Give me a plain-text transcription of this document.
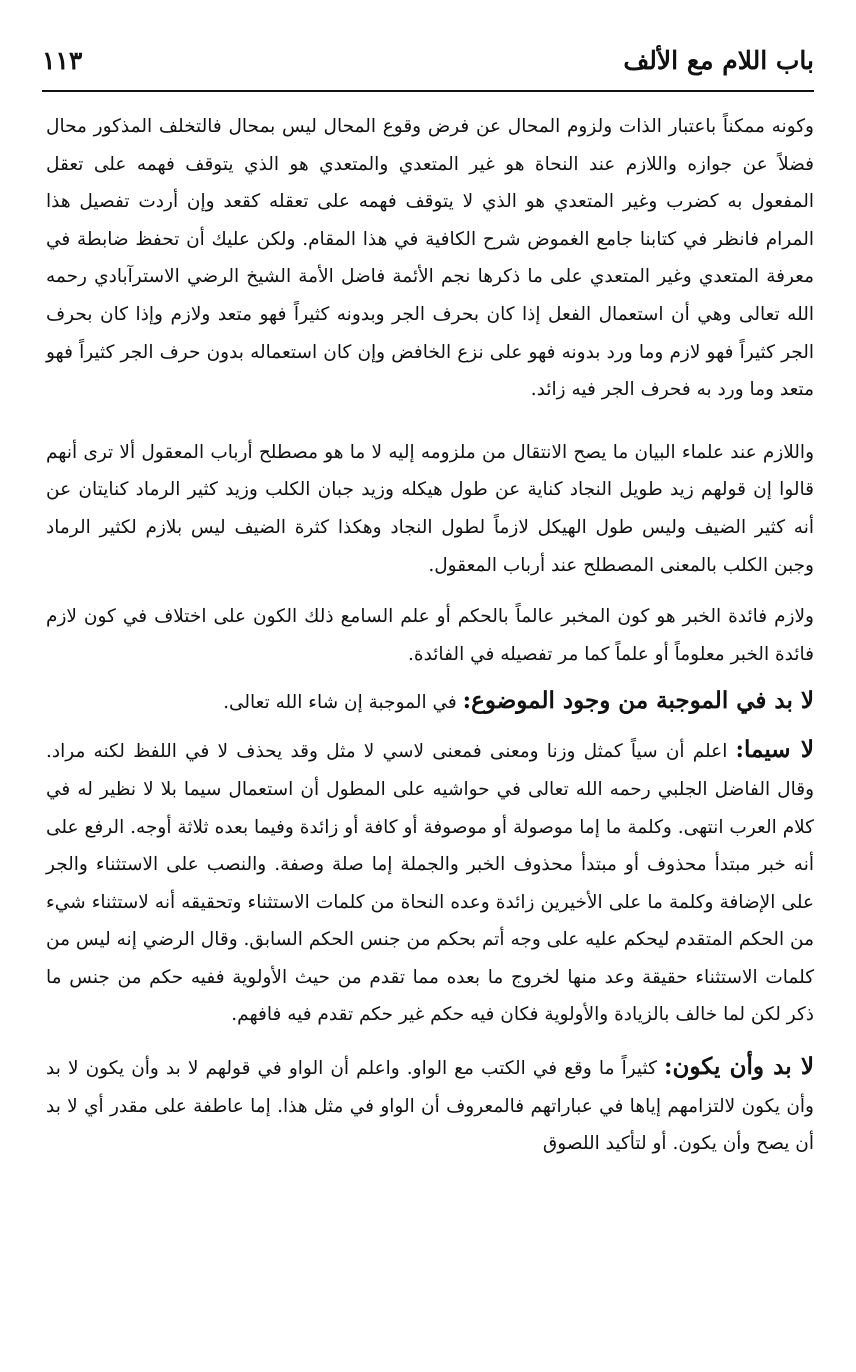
باب اللام مع الألف
١١٣

وكونه ممكناً باعتبار الذات ولزوم المحال عن فرض وقوع المحال ليس بمحال فالتخلف المذكور محال فضلاً عن جوازه واللازم عند النحاة هو غير المتعدي والمتعدي هو الذي يتوقف فهمه على تعقل المفعول به كضرب وغير المتعدي هو الذي لا يتوقف فهمه على تعقله كقعد وإن أردت تفصيل هذا المرام فانظر في كتابنا جامع الغموض شرح الكافية في هذا المقام. ولكن عليك أن تحفظ ضابطة في معرفة المتعدي وغير المتعدي على ما ذكرها نجم الأئمة فاضل الأمة الشيخ الرضي الاسترآبادي رحمه الله تعالى وهي أن استعمال الفعل إذا كان بحرف الجر وبدونه كثيراً فهو متعد ولازم وإذا كان بحرف الجر كثيراً فهو لازم وما ورد بدونه فهو على نزع الخافض وإن كان استعماله بدون حرف الجر كثيراً فهو متعد وما ورد به فحرف الجر فيه زائد.

واللازم عند علماء البيان ما يصح الانتقال من ملزومه إليه لا ما هو مصطلح أرباب المعقول ألا ترى أنهم قالوا إن قولهم زيد طويل النجاد كناية عن طول هيكله وزيد جبان الكلب وزيد كثير الرماد كنايتان عن أنه كثير الضيف وليس طول الهيكل لازماً لطول النجاد وهكذا كثرة الضيف ليس بلازم لكثير الرماد وجبن الكلب بالمعنى المصطلح عند أرباب المعقول.

ولازم فائدة الخبر هو كون المخبر عالماً بالحكم أو علم السامع ذلك الكون على اختلاف في كون لازم فائدة الخبر معلوماً أو علماً كما مر تفصيله في الفائدة.

لا بد في الموجبة من وجود الموضوع: في الموجبة إن شاء الله تعالى.

لا سيما: اعلم أن سياً كمثل وزنا ومعنى فمعنى لاسي لا مثل وقد يحذف لا في اللفظ لكنه مراد. وقال الفاضل الجلبي رحمه الله تعالى في حواشيه على المطول أن استعمال سيما بلا لا نظير له في كلام العرب انتهى. وكلمة ما إما موصولة أو موصوفة أو كافة أو زائدة وفيما بعده ثلاثة أوجه. الرفع على أنه خبر مبتدأ محذوف أو مبتدأ محذوف الخبر والجملة إما صلة وصفة. والنصب على الاستثناء والجر على الإضافة وكلمة ما على الأخيرين زائدة وعده النحاة من كلمات الاستثناء وتحقيقه أنه لاستثناء شيء من الحكم المتقدم ليحكم عليه على وجه أتم بحكم من جنس الحكم السابق. وقال الرضي إنه ليس من كلمات الاستثناء حقيقة وعد منها لخروج ما بعده مما تقدم من حيث الأولوية ففيه حكم من جنس ما ذكر لكن لما خالف بالزيادة والأولوية فكان فيه حكم غير حكم تقدم فيه فافهم.

لا بد وأن يكون: كثيراً ما وقع في الكتب مع الواو. واعلم أن الواو في قولهم لا بد وأن يكون لا بد وأن يكون لالتزامهم إياها في عباراتهم فالمعروف أن الواو في مثل هذا. إما عاطفة على مقدر أي لا بد أن يصح وأن يكون. أو لتأكيد اللصوق
